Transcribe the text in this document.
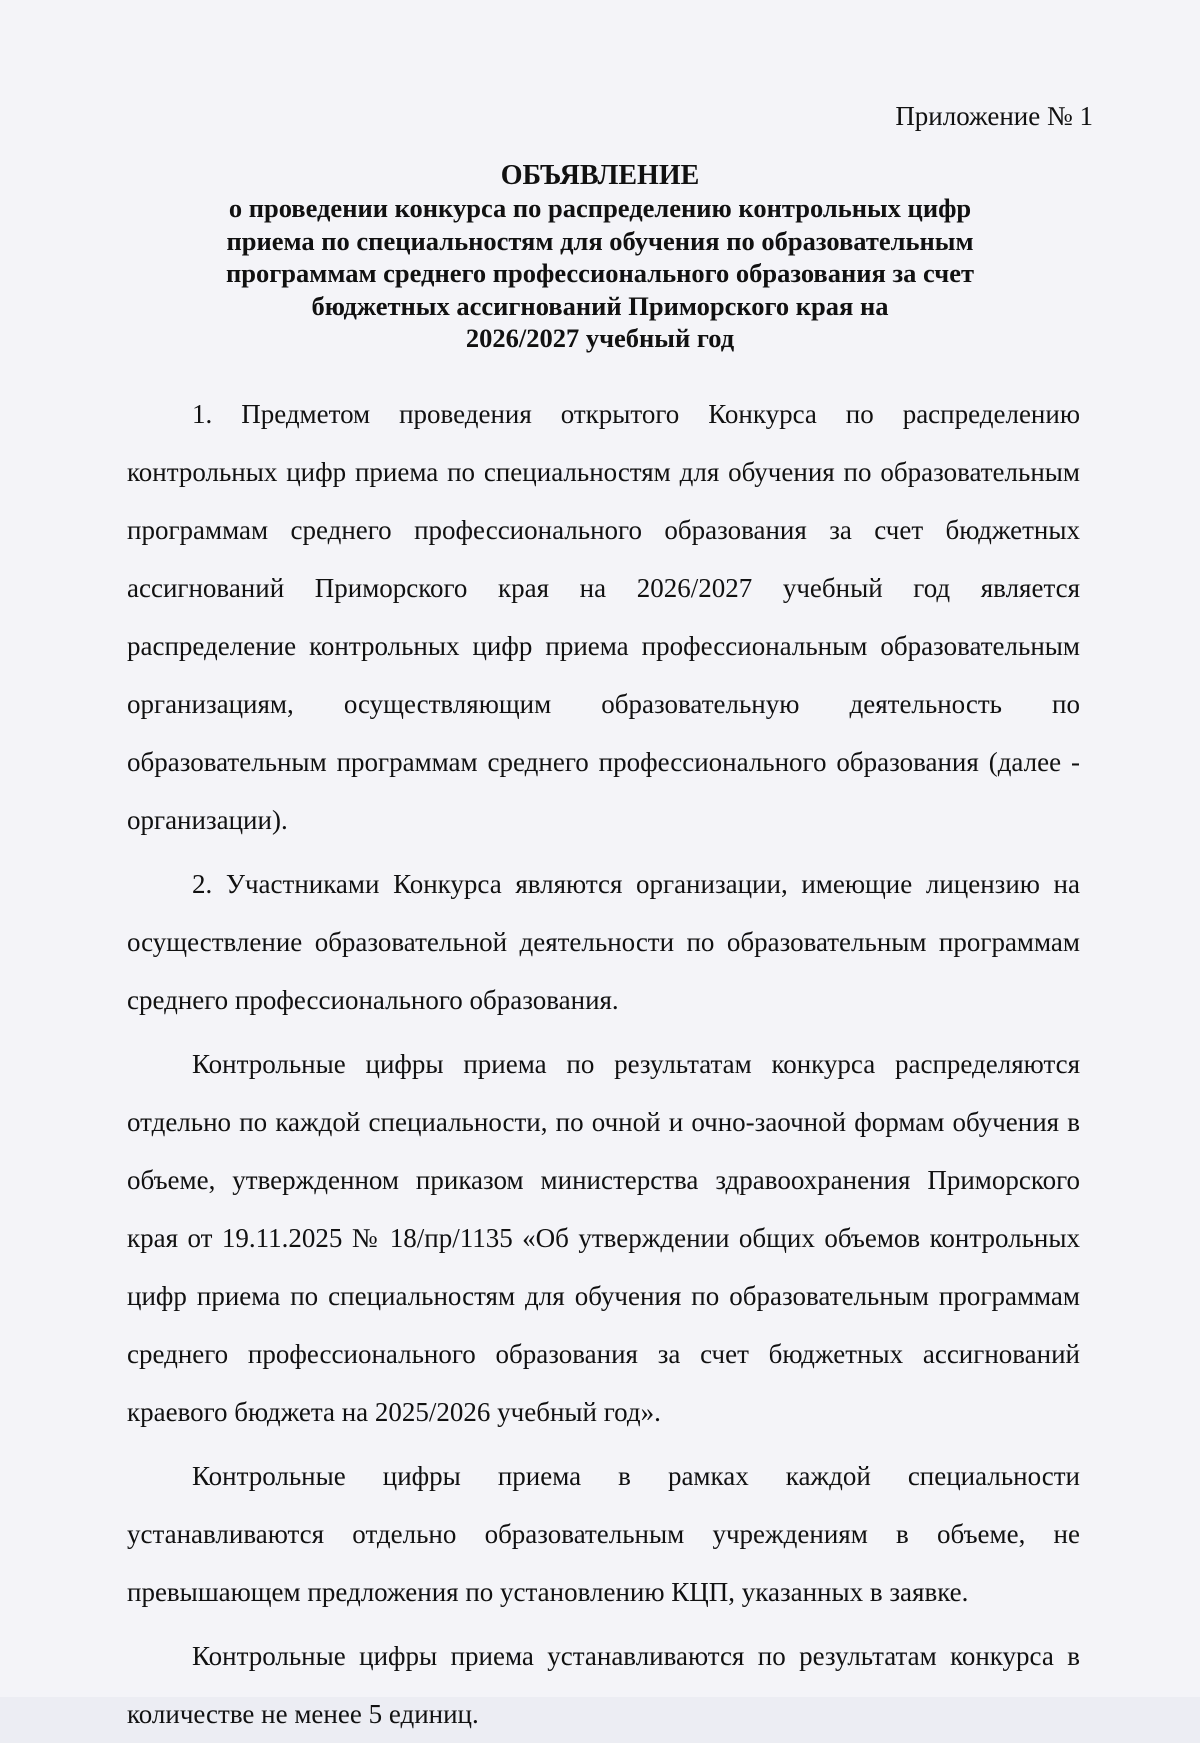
Приложение № 1

ОБЪЯВЛЕНИЕ

о проведении конкурса по распределению контрольных цифр
приема по специальностям для обучения по образовательным
программам среднего профессионального образования за счет
бюджетных ассигнований Приморского края на
2026/2027 учебный год

1. Предметом проведения открытого Конкурса по распределению контрольных цифр приема по специальностям для обучения по образовательным программам среднего профессионального образования за счет бюджетных ассигнований Приморского края на 2026/2027 учебный год является распределение контрольных цифр приема профессиональным образовательным организациям, осуществляющим образовательную деятельность по образовательным программам среднего профессионального образования (далее - организации).

2. Участниками Конкурса являются организации, имеющие лицензию на осуществление образовательной деятельности по образовательным программам среднего профессионального образования.

Контрольные цифры приема по результатам конкурса распределяются отдельно по каждой специальности, по очной и очно-заочной формам обучения в объеме, утвержденном приказом министерства здравоохранения Приморского края от 19.11.2025 № 18/пр/1135 «Об утверждении общих объемов контрольных цифр приема по специальностям для обучения по образовательным программам среднего профессионального образования за счет бюджетных ассигнований краевого бюджета на 2025/2026 учебный год».

Контрольные цифры приема в рамках каждой специальности устанавливаются отдельно образовательным учреждениям в объеме, не превышающем предложения по установлению КЦП, указанных в заявке.

Контрольные цифры приема устанавливаются по результатам конкурса в количестве не менее 5 единиц.
